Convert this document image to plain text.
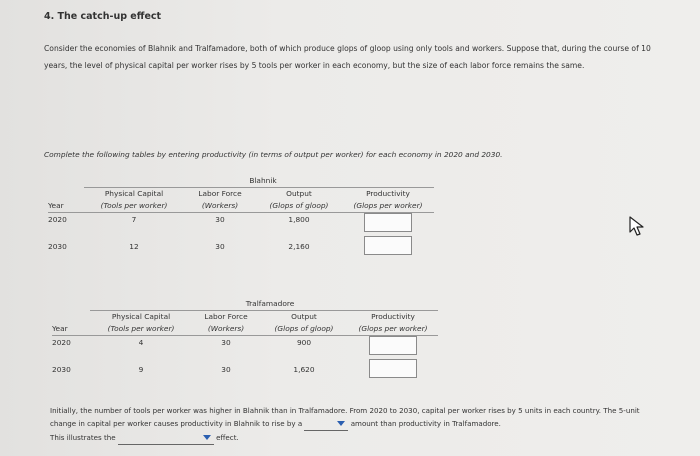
4. The catch-up effect
Consider the economies of Blahnik and Tralfamadore, both of which produce glops of gloop using only tools and workers. Suppose that, during the course of 10 years, the level of physical capital per worker rises by 5 tools per worker in each economy, but the size of each labor force remains the same.
Complete the following tables by entering productivity (in terms of output per worker) for each economy in 2020 and 2030.
		Blahnik		
	Physical Capital	Labor Force	Output	Productivity
Year	(Tools per worker)	(Workers)	(Glops of gloop)	(Glops per worker)
2020	7	30	1,800	
2030	12	30	2,160	
		Tralfamadore		
	Physical Capital	Labor Force	Output	Productivity
Year	(Tools per worker)	(Workers)	(Glops of gloop)	(Glops per worker)
2020	4	30	900	
2030	9	30	1,620	
Initially, the number of tools per worker was higher in Blahnik than in Tralfamadore. From 2020 to 2030, capital per worker rises by 5 units in each country. The 5-unit change in capital per worker causes productivity in Blahnik to rise by a	amount than productivity in Tralfamadore.
This illustrates the	effect.
